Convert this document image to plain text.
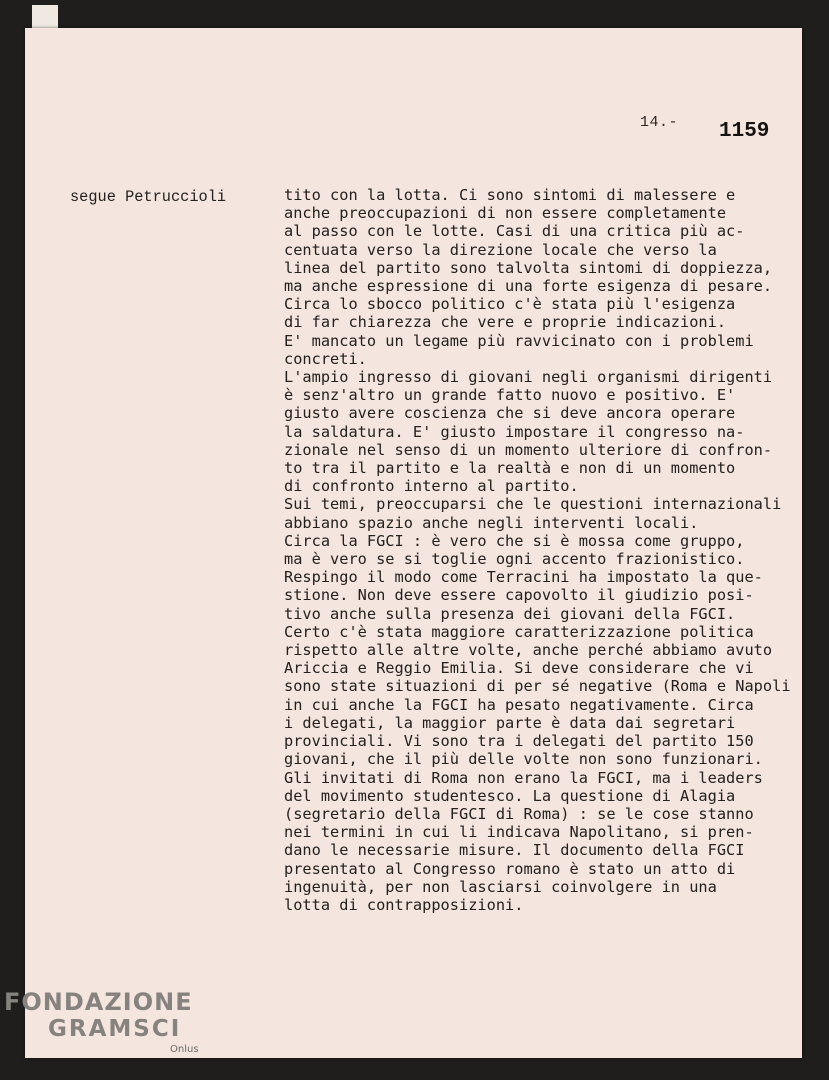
14.- 1159
segue Petruccioli	tito con la lotta. Ci sono sintomi di malessere e
anche preoccupazioni di non essere completamente
al passo con le lotte. Casi di una critica più ac-
centuata verso la direzione locale che verso la
linea del partito sono talvolta sintomi di doppiezza,
ma anche espressione di una forte esigenza di pesare.
Circa lo sbocco politico c'è stata più l'esigenza
di far chiarezza che vere e proprie indicazioni.
E' mancato un legame più ravvicinato con i problemi
concreti.
L'ampio ingresso di giovani negli organismi dirigenti
è senz'altro un grande fatto nuovo e positivo. E'
giusto avere coscienza che si deve ancora operare
la saldatura. E' giusto impostare il congresso na-
zionale nel senso di un momento ulteriore di confron-
to tra il partito e la realtà e non di un momento
di confronto interno al partito.
Sui temi, preoccuparsi che le questioni internazionali
abbiano spazio anche negli interventi locali.
Circa la FGCI : è vero che si è mossa come gruppo,
ma è vero se si toglie ogni accento frazionistico.
Respingo il modo come Terracini ha impostato la que-
stione. Non deve essere capovolto il giudizio posi-
tivo anche sulla presenza dei giovani della FGCI.
Certo c'è stata maggiore caratterizzazione politica
rispetto alle altre volte, anche perché abbiamo avuto
Ariccia e Reggio Emilia. Si deve considerare che vi
sono state situazioni di per sé negative (Roma e Napoli
in cui anche la FGCI ha pesato negativamente. Circa
i delegati, la maggior parte è data dai segretari
provinciali. Vi sono tra i delegati del partito 150
giovani, che il più delle volte non sono funzionari.
Gli invitati di Roma non erano la FGCI, ma i leaders
del movimento studentesco. La questione di Alagia
(segretario della FGCI di Roma) : se le cose stanno
nei termini in cui li indicava Napolitano, si pren-
dano le necessarie misure. Il documento della FGCI
presentato al Congresso romano è stato un atto di
ingenuità, per non lasciarsi coinvolgere in una
lotta di contrapposizioni.
FONDAZIONE
GRAMSCI
Onlus
